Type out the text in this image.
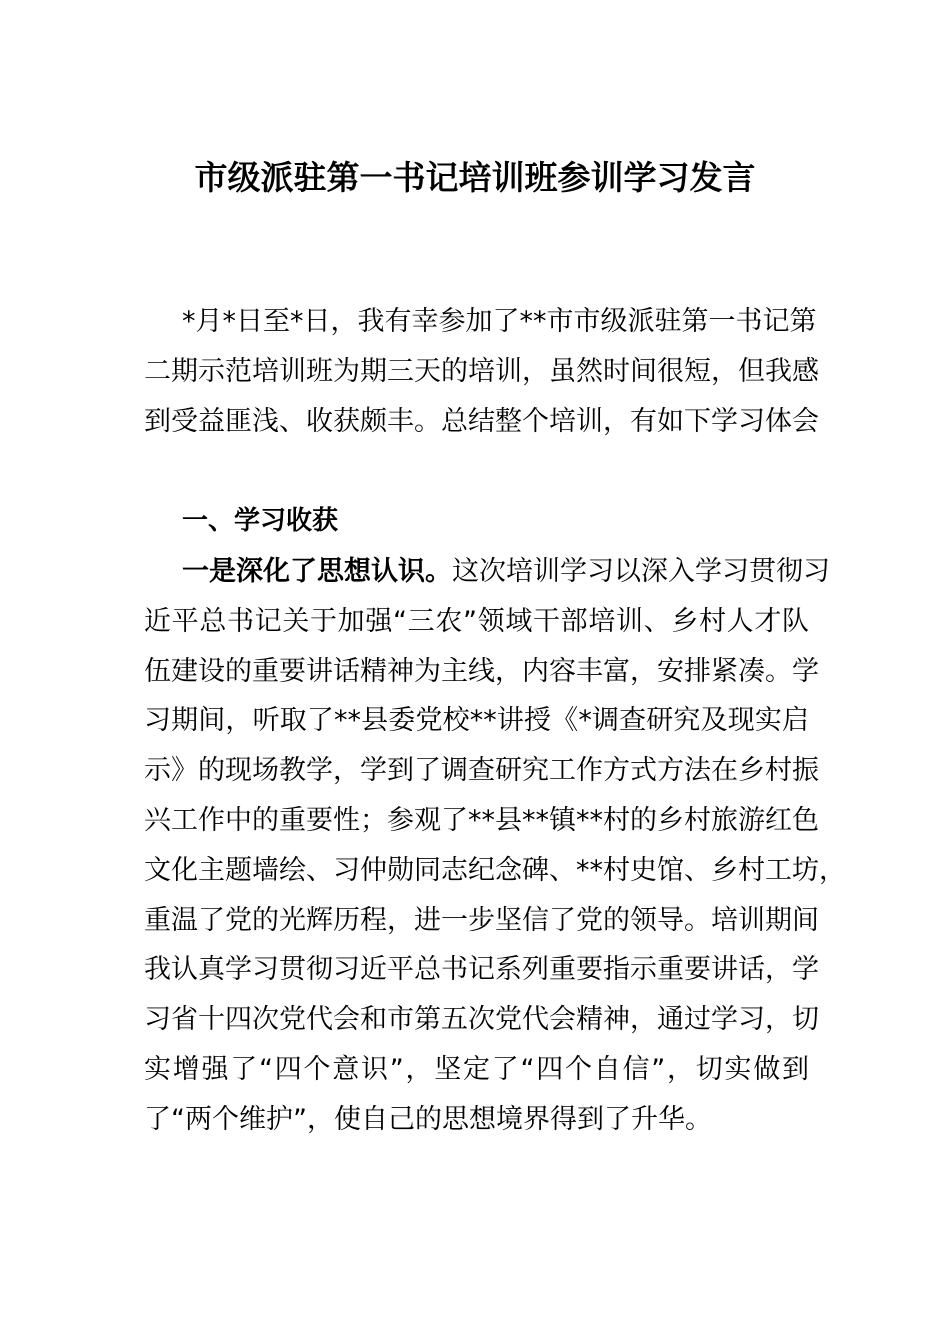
市级派驻第一书记培训班参训学习发言
*月*日至*日，我有幸参加了**市市级派驻第一书记第
二期示范培训班为期三天的培训，虽然时间很短，但我感
到受益匪浅、收获颇丰。总结整个培训，有如下学习体会
一、学习收获
一是深化了思想认识。这次培训学习以深入学习贯彻习
近平总书记关于加强“三农”领域干部培训、乡村人才队
伍建设的重要讲话精神为主线，内容丰富，安排紧凑。学
习期间，听取了**县委党校**讲授《*调查研究及现实启
示》的现场教学，学到了调查研究工作方式方法在乡村振
兴工作中的重要性；参观了**县**镇**村的乡村旅游红色
文化主题墙绘、习仲勋同志纪念碑、**村史馆、乡村工坊，
重温了党的光辉历程，进一步坚信了党的领导。培训期间
我认真学习贯彻习近平总书记系列重要指示重要讲话，学
习省十四次党代会和市第五次党代会精神，通过学习，切
实增强了“四个意识”，坚定了“四个自信”，切实做到
了“两个维护”，使自己的思想境界得到了升华。
